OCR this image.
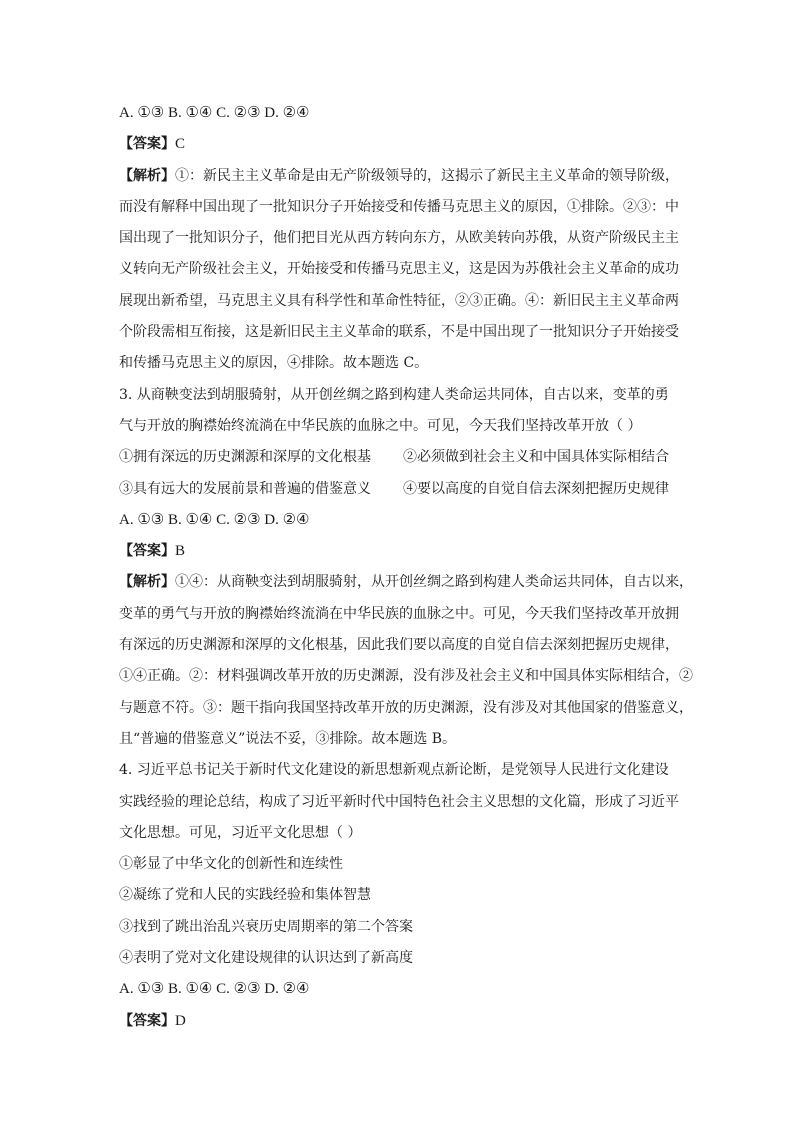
A. ①③ B. ①④ C. ②③ D. ②④
【答案】C
【解析】①：新民主主义革命是由无产阶级领导的，这揭示了新民主主义革命的领导阶级，
而没有解释中国出现了一批知识分子开始接受和传播马克思主义的原因，①排除。②③：中
国出现了一批知识分子，他们把目光从西方转向东方，从欧美转向苏俄，从资产阶级民主主
义转向无产阶级社会主义，开始接受和传播马克思主义，这是因为苏俄社会主义革命的成功
展现出新希望，马克思主义具有科学性和革命性特征，②③正确。④：新旧民主主义革命两
个阶段需相互衔接，这是新旧民主主义革命的联系，不是中国出现了一批知识分子开始接受
和传播马克思主义的原因，④排除。故本题选 C。
3. 从商鞅变法到胡服骑射，从开创丝绸之路到构建人类命运共同体，自古以来，变革的勇
气与开放的胸襟始终流淌在中华民族的血脉之中。可见，今天我们坚持改革开放（ ）
①拥有深远的历史渊源和深厚的文化根基	②必须做到社会主义和中国具体实际相结合
③具有远大的发展前景和普遍的借鉴意义	④要以高度的自觉自信去深刻把握历史规律
A. ①③ B. ①④ C. ②③ D. ②④
【答案】B
【解析】①④：从商鞅变法到胡服骑射，从开创丝绸之路到构建人类命运共同体，自古以来，
变革的勇气与开放的胸襟始终流淌在中华民族的血脉之中。可见，今天我们坚持改革开放拥
有深远的历史渊源和深厚的文化根基，因此我们要以高度的自觉自信去深刻把握历史规律，
①④正确。②：材料强调改革开放的历史渊源，没有涉及社会主义和中国具体实际相结合，②
与题意不符。③：题干指向我国坚持改革开放的历史渊源，没有涉及对其他国家的借鉴意义，
且“普遍的借鉴意义”说法不妥，③排除。故本题选 B。
4. 习近平总书记关于新时代文化建设的新思想新观点新论断，是党领导人民进行文化建设
实践经验的理论总结，构成了习近平新时代中国特色社会主义思想的文化篇，形成了习近平
文化思想。可见，习近平文化思想（ ）
①彰显了中华文化的创新性和连续性
②凝练了党和人民的实践经验和集体智慧
③找到了跳出治乱兴衰历史周期率的第二个答案
④表明了党对文化建设规律的认识达到了新高度
A. ①③ B. ①④ C. ②③ D. ②④
【答案】D
